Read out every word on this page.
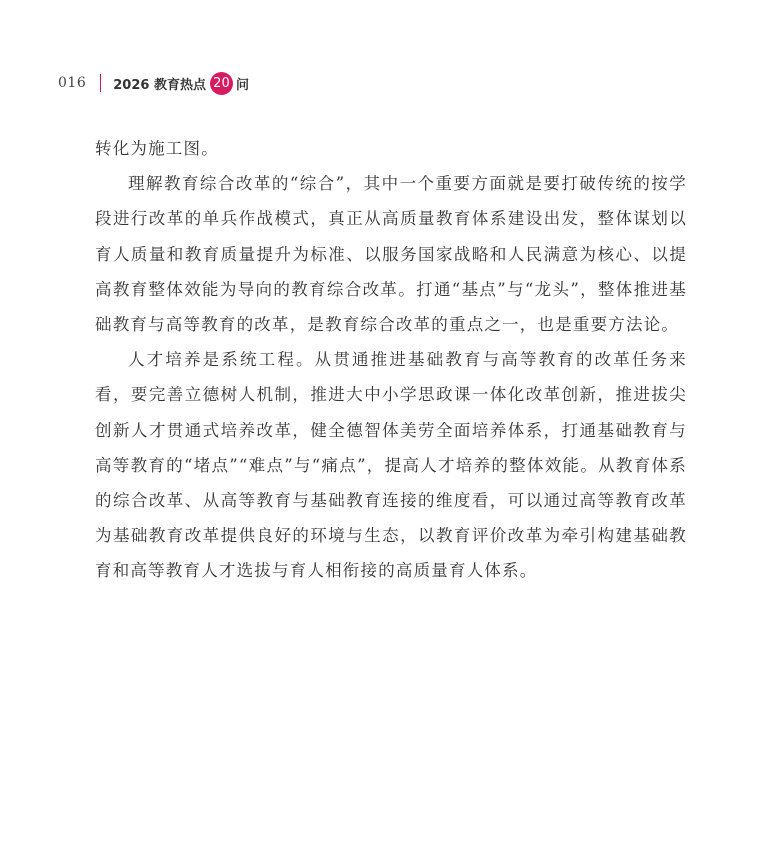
016 2026 教育热点 20 问

转化为施工图。

理解教育综合改革的“综合”，其中一个重要方面就是要打破传统的按学段进行改革的单兵作战模式，真正从高质量教育体系建设出发，整体谋划以育人质量和教育质量提升为标准、以服务国家战略和人民满意为核心、以提高教育整体效能为导向的教育综合改革。打通“基点”与“龙头”，整体推进基础教育与高等教育的改革，是教育综合改革的重点之一，也是重要方法论。

人才培养是系统工程。从贯通推进基础教育与高等教育的改革任务来看，要完善立德树人机制，推进大中小学思政课一体化改革创新，推进拔尖创新人才贯通式培养改革，健全德智体美劳全面培养体系，打通基础教育与高等教育的“堵点”“难点”与“痛点”，提高人才培养的整体效能。从教育体系的综合改革、从高等教育与基础教育连接的维度看，可以通过高等教育改革为基础教育改革提供良好的环境与生态，以教育评价改革为牵引构建基础教育和高等教育人才选拔与育人相衔接的高质量育人体系。
